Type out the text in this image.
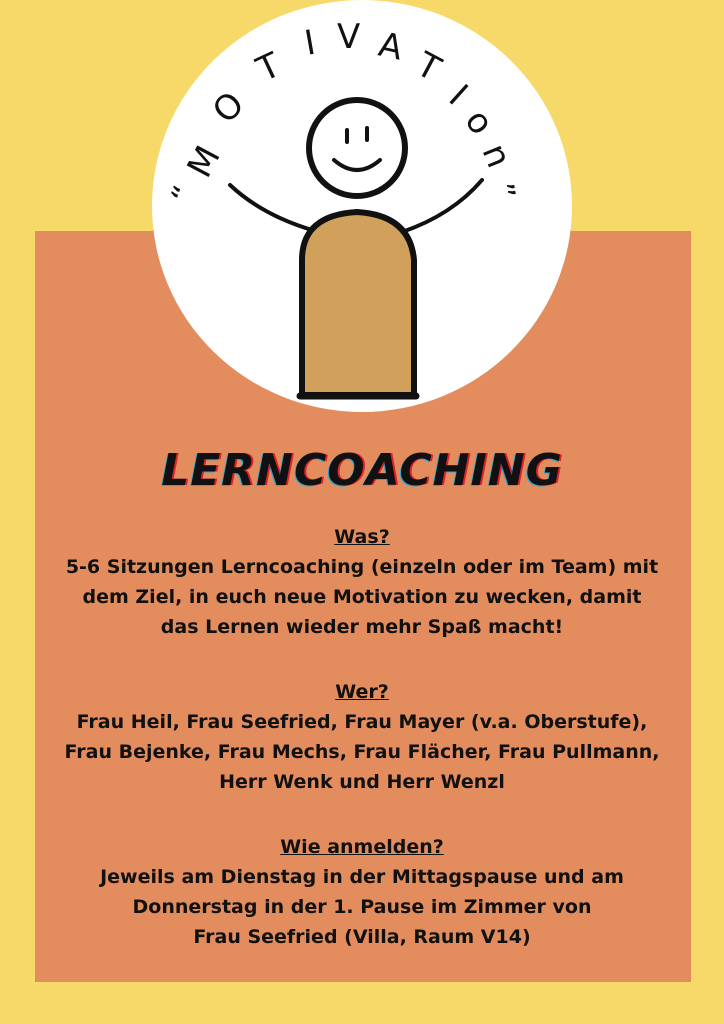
“
M
O
T
I V A T
I
o
n
”
LERNCOACHING
Was?
5-6 Sitzungen Lerncoaching (einzeln oder im Team) mit
dem Ziel, in euch neue Motivation zu wecken, damit
das Lernen wieder mehr Spaß macht!
Wer?
Frau Heil, Frau Seefried, Frau Mayer (v.a. Oberstufe),
Frau Bejenke, Frau Mechs, Frau Flächer, Frau Pullmann,
Herr Wenk und Herr Wenzl
Wie anmelden?
Jeweils am Dienstag in der Mittagspause und am
Donnerstag in der 1. Pause im Zimmer von
Frau Seefried (Villa, Raum V14)
